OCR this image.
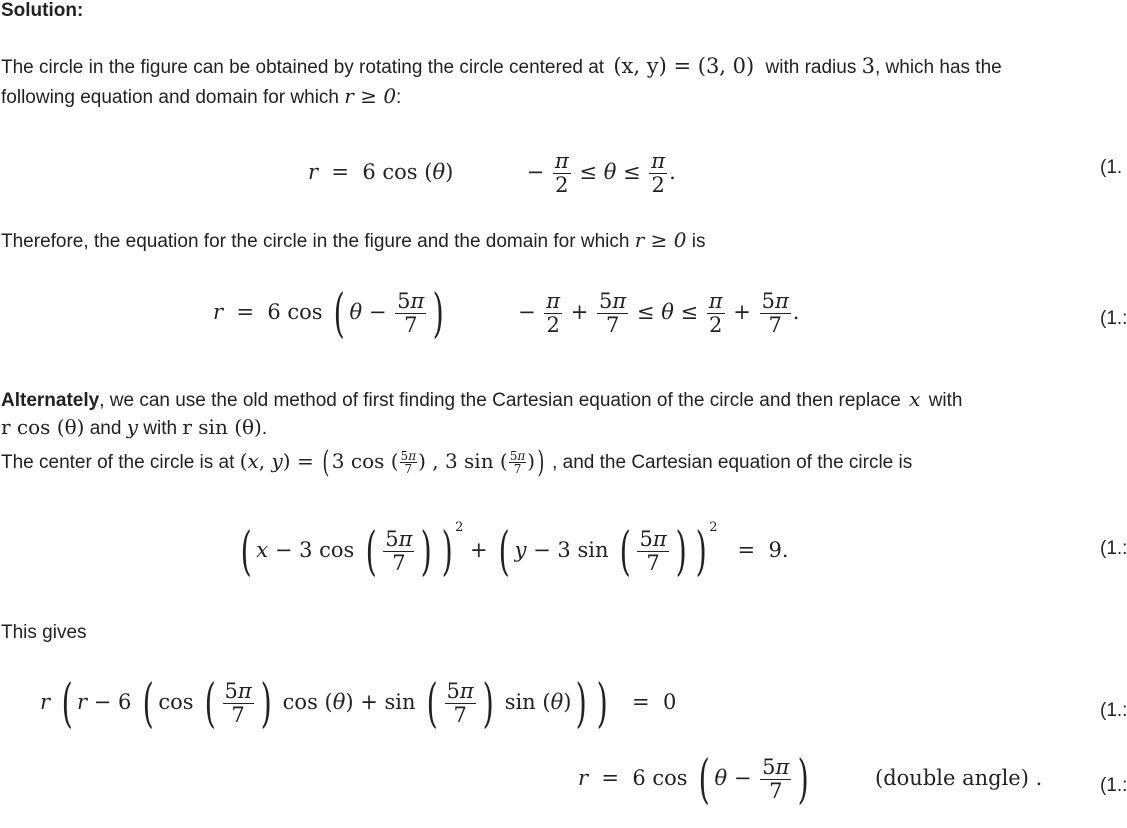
Solution:
The circle in the figure can be obtained by rotating the circle centered at (x, y) = (3, 0) with radius 3, which has the
following equation and domain for which r ≥ 0:
r  =  6 cos (θ)	− $\frac{\pi}{2} \le \theta \le \frac{\pi}{2}$ .	(1.
Therefore, the equation for the circle in the figure and the domain for which r ≥ 0 is
r  =  6 cos ( $\theta - \frac{5\pi}{7}$ )	− $\frac{\pi}{2} + \frac{5\pi}{7} \le \theta \le \frac{\pi}{2} + \frac{5\pi}{7}$ .	(1.:
Alternately, we can use the old method of first finding the Cartesian equation of the circle and then replace x with
r cos (θ) and y with r sin (θ).
The center of the circle is at (x, y) = ( 3 cos ( $\frac{5\pi}{7}$ ) , 3 sin ( $\frac{5\pi}{7}$ )) , and the Cartesian equation of the circle is
( x − 3 cos ( $\frac{5\pi}{7}$ ) ) $^2$ + ( y − 3 sin ( $\frac{5\pi}{7}$ ) ) $^2$   =  9.	(1.:
This gives
r ( r − 6 ( cos ( $\frac{5\pi}{7}$ ) cos (θ) + sin ( $\frac{5\pi}{7}$ ) sin (θ)) )   =  0	(1.:
r  =  6 cos ( $\theta - \frac{5\pi}{7}$ )	(double angle) .	(1.:
